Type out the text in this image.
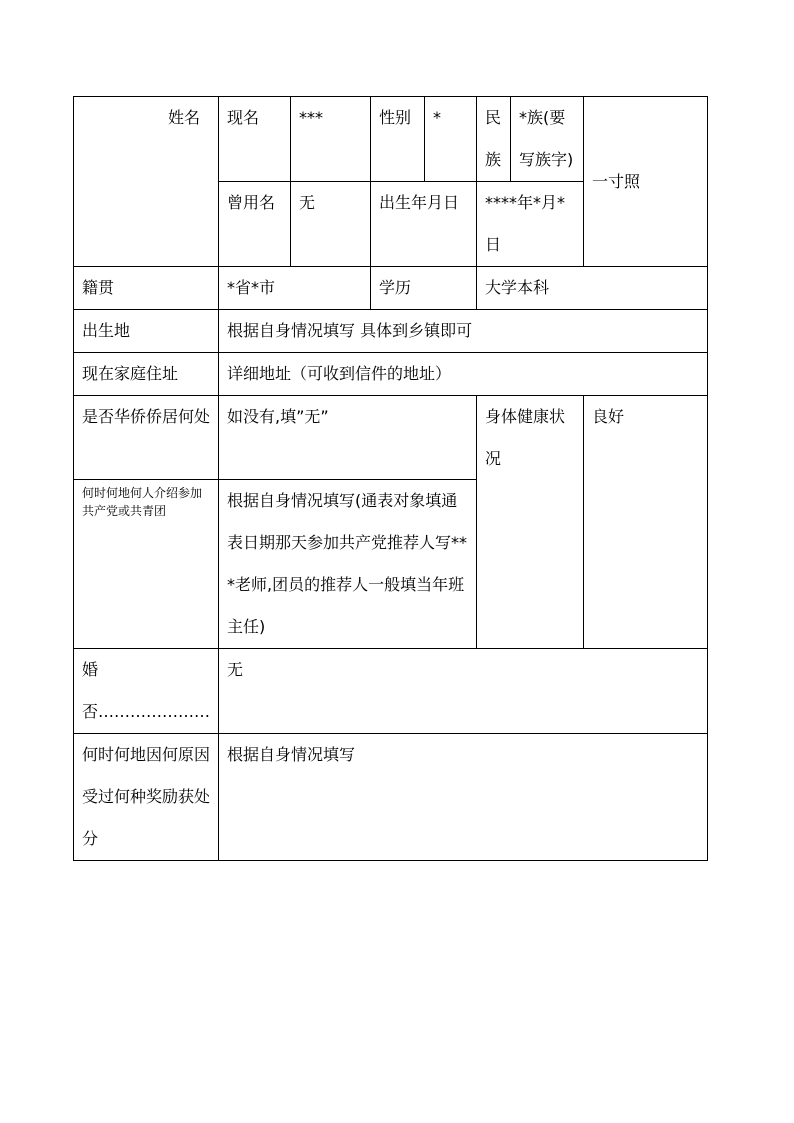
姓名	现名	***	性别	*	民族	*族(要写族字)	一寸照
	曾用名	无	出生年月日		****年*月*日		
籍贯	*省*市		学历		大学本科		
出生地	根据自身情况填写 具体到乡镇即可						
现在家庭住址	详细地址（可收到信件的地址）						
是否华侨侨居何处	如没有,填”无”				身体健康状况		良好
何时何地何人介绍参加共产党或共青团	根据自身情况填写(通表对象填通表日期那天参加共产党推荐人写***老师,团员的推荐人一般填当年班主任)						
婚否…………………	无						
何时何地因何原因受过何种奖励获处分	根据自身情况填写						
